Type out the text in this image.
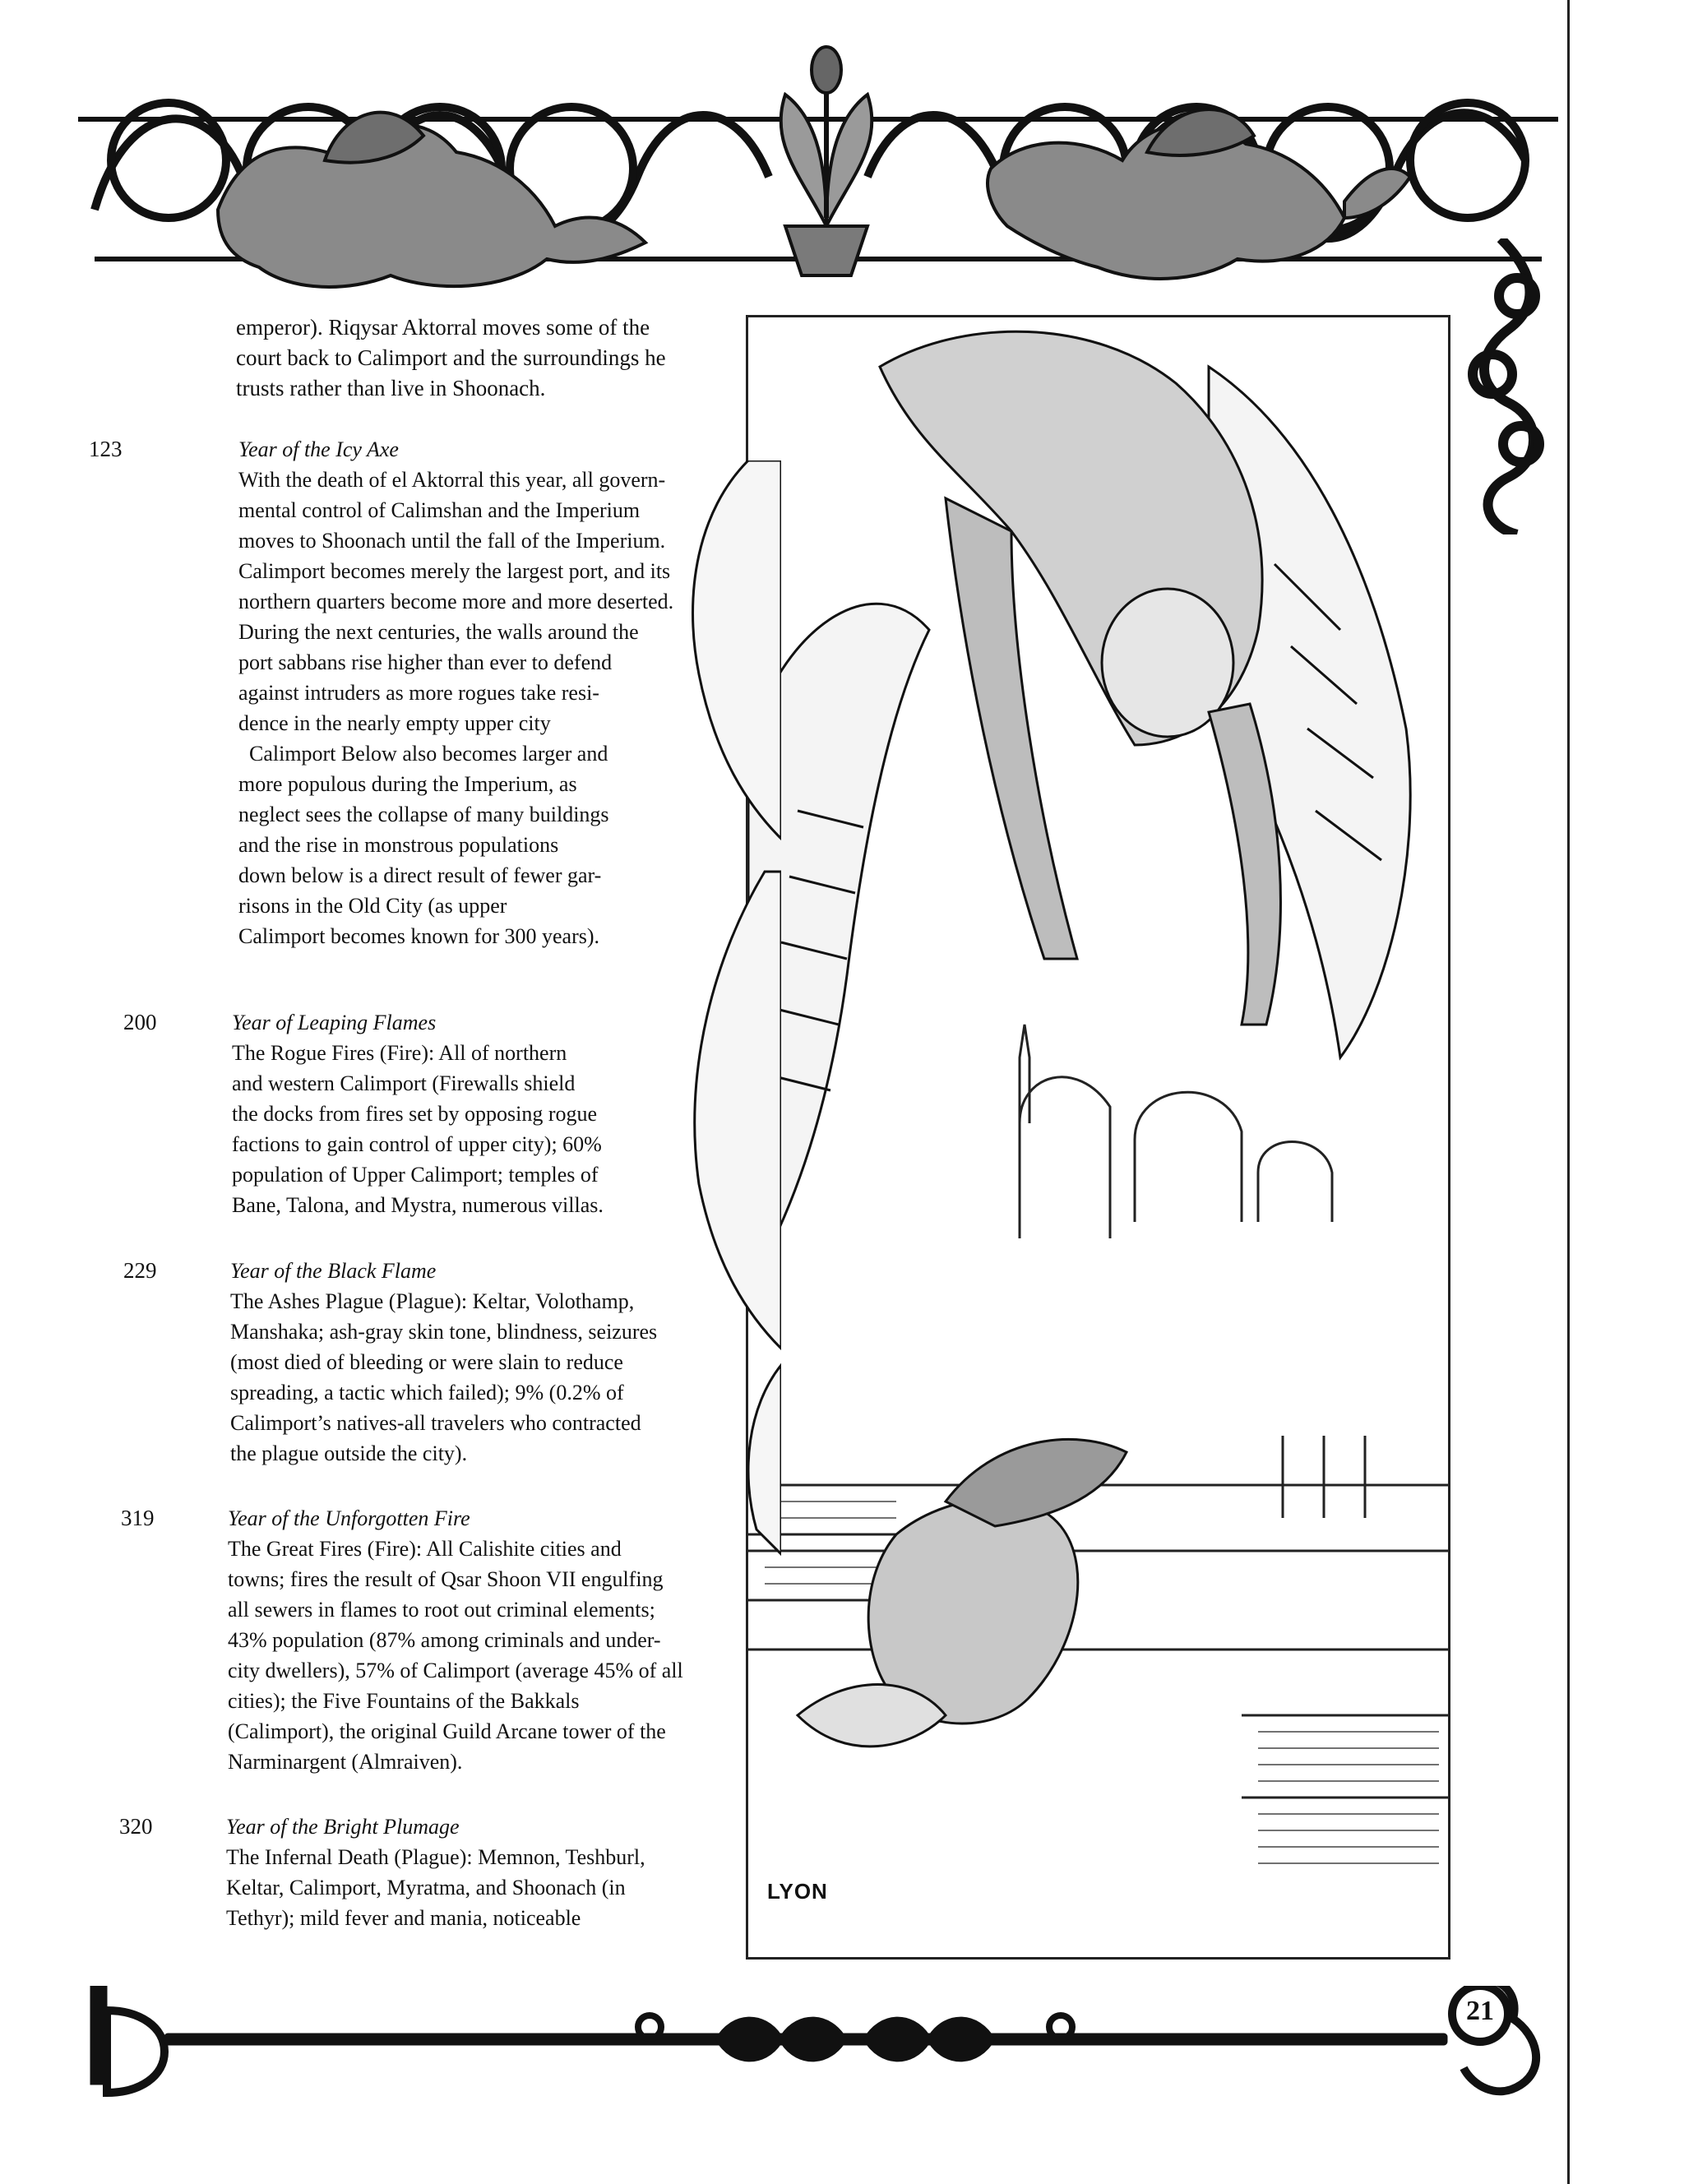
LYON
emperor). Riqysar Aktorral moves some of the
court back to Calimport and the surroundings he
trusts rather than live in Shoonach.
123	Year of the Icy Axe
With the death of el Aktorral this year, all govern-
mental control of Calimshan and the Imperium
moves to Shoonach until the fall of the Imperium.
Calimport becomes merely the largest port, and its
northern quarters become more and more deserted.
During the next centuries, the walls around the
port sabbans rise higher than ever to defend
against intruders as more rogues take resi-
dence in the nearly empty upper city
Calimport Below also becomes larger and
more populous during the Imperium, as
neglect sees the collapse of many buildings
and the rise in monstrous populations
down below is a direct result of fewer gar-
risons in the Old City (as upper
Calimport becomes known for 300 years).
200	Year of Leaping Flames
The Rogue Fires (Fire): All of northern
and western Calimport (Firewalls shield
the docks from fires set by opposing rogue
factions to gain control of upper city); 60%
population of Upper Calimport; temples of
Bane, Talona, and Mystra, numerous villas.
229	Year of the Black Flame
The Ashes Plague (Plague): Keltar, Volothamp,
Manshaka; ash-gray skin tone, blindness, seizures
(most died of bleeding or were slain to reduce
spreading, a tactic which failed); 9% (0.2% of
Calimport’s natives-all travelers who contracted
the plague outside the city).
319	Year of the Unforgotten Fire
The Great Fires (Fire): All Calishite cities and
towns; fires the result of Qsar Shoon VII engulfing
all sewers in flames to root out criminal elements;
43% population (87% among criminals and under-
city dwellers), 57% of Calimport (average 45% of all
cities); the Five Fountains of the Bakkals
(Calimport), the original Guild Arcane tower of the
Narminargent (Almraiven).
320	Year of the Bright Plumage
The Infernal Death (Plague): Memnon, Teshburl,
Keltar, Calimport, Myratma, and Shoonach (in
Tethyr); mild fever and mania, noticeable
21
